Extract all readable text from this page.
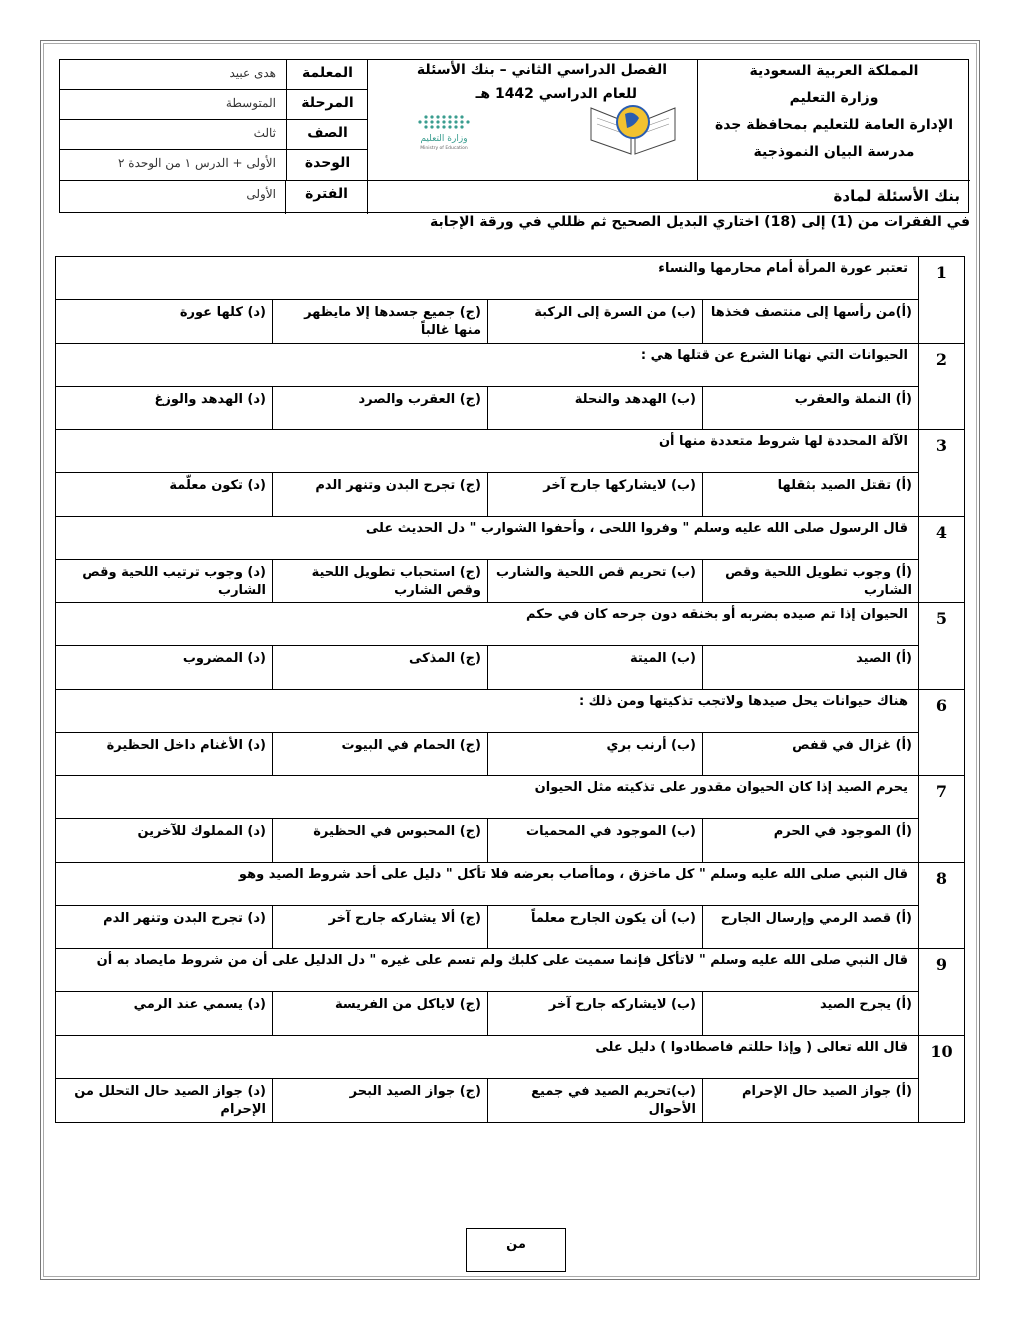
هدى عبيد	المعلمة
المتوسطة	المرحلة
ثالث	الصف
الأولى + الدرس ١ من الوحدة ٢	الوحدة
الفصل الدراسي الثاني – بنك الأسئلة
للعام الدراسي 1442 هـ
وزارة التعليم
Ministry of Education
المملكة العربية السعودية
وزارة التعليم
الإدارة العامة للتعليم بمحافظة جدة
مدرسة البيان النموذجية
الأولى	الفترة	بنك الأسئلة لمادة
في الفقرات من (1) إلى (18) اختاري البديل الصحيح ثم ظللي في ورقة الإجابة
1
تعتبر عورة المرأة أمام محارمها والنساء
(أ)من رأسها إلى منتصف فخذها
(ب) من السرة إلى الركبة
(ج) جميع جسدها إلا مايظهر منها غالباً
(د) كلها عورة
2
الحيوانات التي نهانا الشرع عن قتلها هي :
(أ) النملة والعقرب
(ب) الهدهد والنحلة
(ج) العقرب والصرد
(د) الهدهد والوزغ
3
الآلة المحددة لها شروط متعددة منها أن
(أ) تقتل الصيد بثقلها
(ب) لايشاركها جارح آخر
(ج) تجرح البدن وتنهر الدم
(د) تكون معلّمة
4
قال الرسول صلى الله عليه وسلم " وفروا اللحى ، وأحفوا الشوارب " دل الحديث على
(أ) وجوب تطويل اللحية وقص الشارب
(ب) تحريم قص اللحية والشارب
(ج) استحباب تطويل اللحية وقص الشارب
(د) وجوب ترتيب اللحية وقص الشارب
5
الحيوان إذا تم صيده بضربه أو بخنقه دون جرحه كان في حكم
(أ) الصيد
(ب) الميتة
(ج) المذكى
(د) المضروب
6
هناك حيوانات يحل صيدها ولاتجب تذكيتها ومن ذلك :
(أ) غزال في قفص
(ب) أرنب بري
(ج) الحمام في البيوت
(د) الأغنام داخل الحظيرة
7
يحرم الصيد إذا كان الحيوان مقدور على تذكيته مثل الحيوان
(أ) الموجود في الحرم
(ب) الموجود في المحميات
(ج) المحبوس في الحظيرة
(د) المملوك للآخرين
8
قال النبي صلى الله عليه وسلم " كل ماخزق ، وماأصاب بعرضه فلا تأكل " دليل على أحد شروط الصيد وهو
(أ) قصد الرمي وإرسال الجارح
(ب) أن يكون الجارح معلماً
(ج) ألا يشاركه جارح آخر
(د) تجرح البدن وتنهر الدم
9
قال النبي صلى الله عليه وسلم " لاتأكل فإنما سميت على كلبك ولم تسم على غيره " دل الدليل على أن من شروط مايصاد به أن
(أ) يجرح الصيد
(ب) لايشاركه جارح آخر
(ج) لاياكل من الفريسة
(د) يسمي عند الرمي
10
قال الله تعالى ( وإذا حللتم فاصطادوا ) دليل على
(أ) جواز الصيد حال الإحرام
(ب)تحريم الصيد في جميع الأحوال
(ج) جواز الصيد البحر
(د) جواز الصيد حال التحلل من الإحرام
من
